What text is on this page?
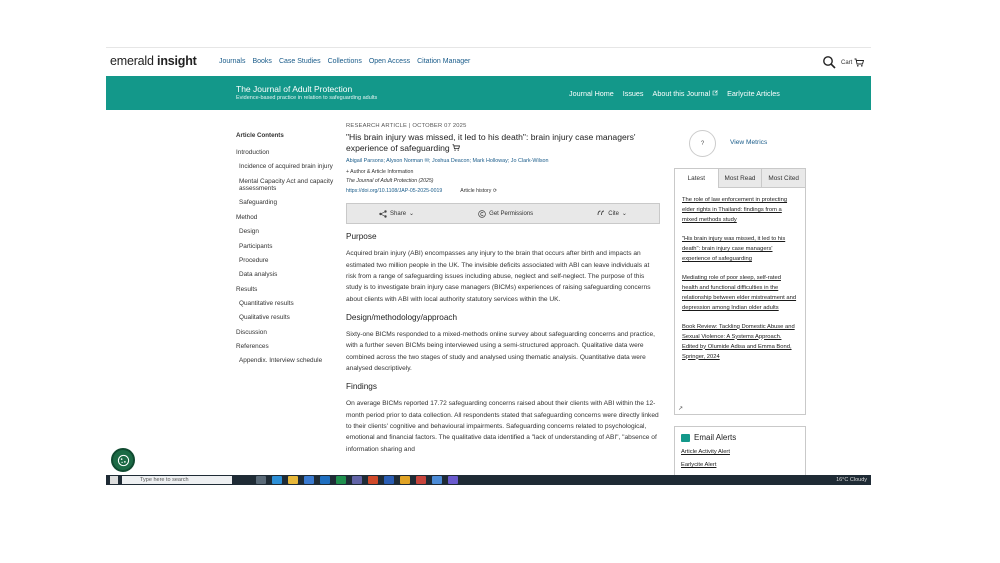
emerald insight	Journals Books Case Studies Collections Open Access Citation Manager	Cart
The Journal of Adult Protection
Evidence-based practice in relation to safeguarding adults	Journal Home Issues About this Journal	Earlycite Articles
Article Contents
Introduction
Incidence of acquired brain injury
Mental Capacity Act and capacity assessments
Safeguarding
Method
Design
Participants
Procedure
Data analysis
Results
Quantitative results
Qualitative results
Discussion
References
Appendix. Interview schedule
RESEARCH ARTICLE | OCTOBER 07 2025
"His brain injury was missed, it led to his death": brain injury case managers' experience of safeguarding
Abigail Parsons; Alyson Norman ✉; Joshua Deacon; Mark Holloway; Jo Clark-Wilson
+ Author & Article Information
The Journal of Adult Protection (2025)
https://doi.org/10.1108/JAP-05-2025-0019	Article history ⟳
Share ⌄	Get Permissions	Cite ⌄
Purpose
Acquired brain injury (ABI) encompasses any injury to the brain that occurs after birth and impacts an estimated two million people in the UK. The invisible deficits associated with ABI can leave individuals at risk from a range of safeguarding issues including abuse, neglect and self-neglect. The purpose of this study is to investigate brain injury case managers (BICMs) experiences of raising safeguarding concerns about clients with ABI with local authority statutory services within the UK.
Design/methodology/approach
Sixty-one BICMs responded to a mixed-methods online survey about safeguarding concerns and practice, with a further seven BICMs being interviewed using a semi-structured approach. Qualitative data were combined across the two stages of study and analysed using thematic analysis. Quantitative data were analysed descriptively.
Findings
On average BICMs reported 17.72 safeguarding concerns raised about their clients with ABI within the 12-month period prior to data collection. All respondents stated that safeguarding concerns were directly linked to their clients' cognitive and behavioural impairments. Safeguarding concerns related to psychological, emotional and financial factors. The qualitative data identified a "lack of understanding of ABI", "absence of information sharing and
?	View Metrics
Latest	Most Read	Most Cited
The role of law enforcement in protecting elder rights in Thailand: findings from a mixed methods study
"His brain injury was missed, it led to his death": brain injury case managers' experience of safeguarding
Mediating role of poor sleep, self-rated health and functional difficulties in the relationship between elder mistreatment and depression among Indian older adults
Book Review: Tackling Domestic Abuse and Sexual Violence: A Systems Approach. Edited by Olumide Adisa and Emma Bond, Springer, 2024
↗
Email Alerts
Article Activity Alert
Earlycite Alert
Type here to search	16°C Cloudy
